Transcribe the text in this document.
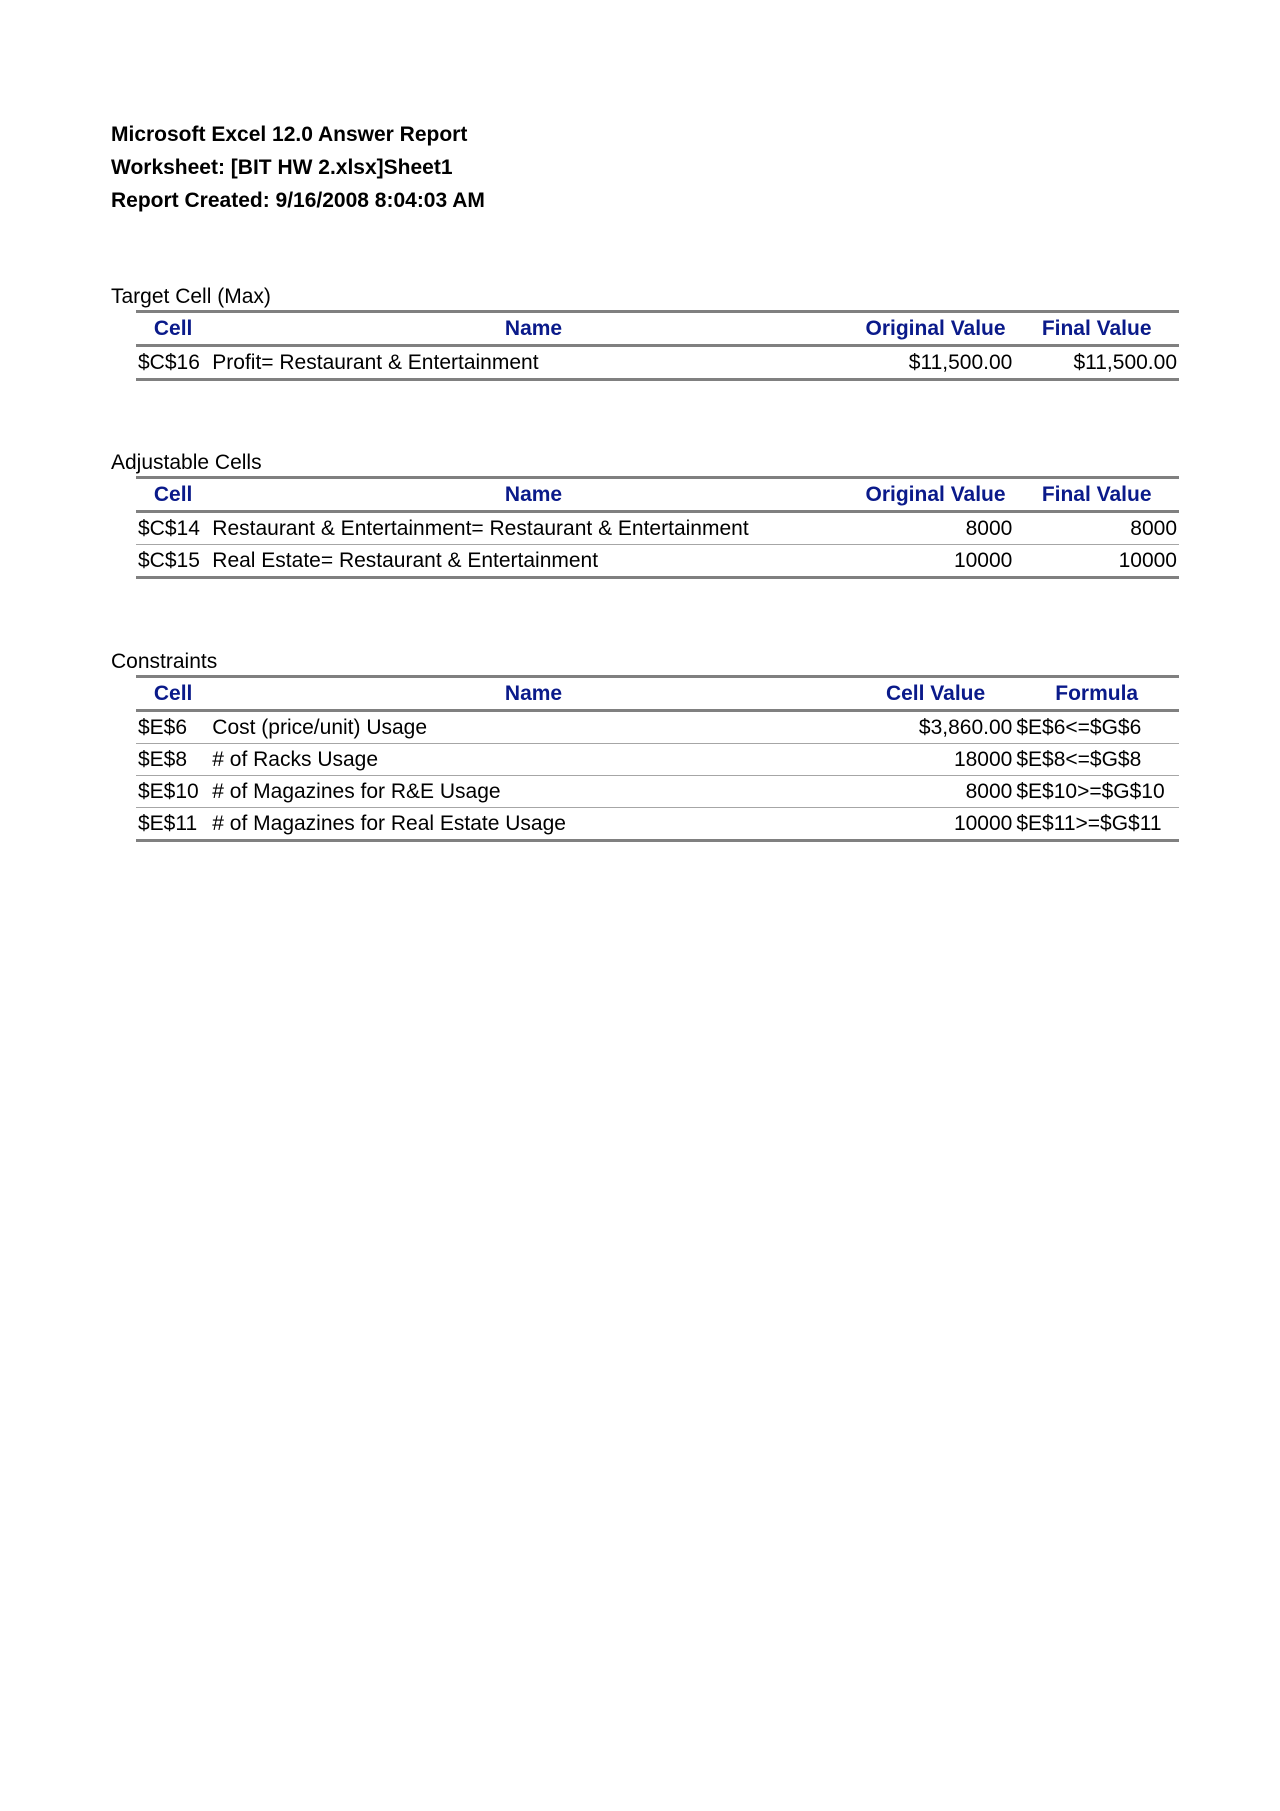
Microsoft Excel 12.0 Answer Report
Worksheet: [BIT HW 2.xlsx]Sheet1
Report Created: 9/16/2008 8:04:03 AM
Target Cell (Max)
Cell	Name	Original Value	Final Value
$C$16	Profit= Restaurant & Entertainment	$11,500.00	$11,500.00
Adjustable Cells
Cell	Name	Original Value	Final Value
$C$14	Restaurant & Entertainment= Restaurant & Entertainment	8000	8000
$C$15	Real Estate= Restaurant & Entertainment	10000	10000
Constraints
Cell	Name	Cell Value	Formula
$E$6	Cost (price/unit) Usage	$3,860.00	$E$6<=$G$6
$E$8	# of Racks Usage	18000	$E$8<=$G$8
$E$10	# of Magazines for R&E Usage	8000	$E$10>=$G$10
$E$11	# of Magazines for Real Estate Usage	10000	$E$11>=$G$11
